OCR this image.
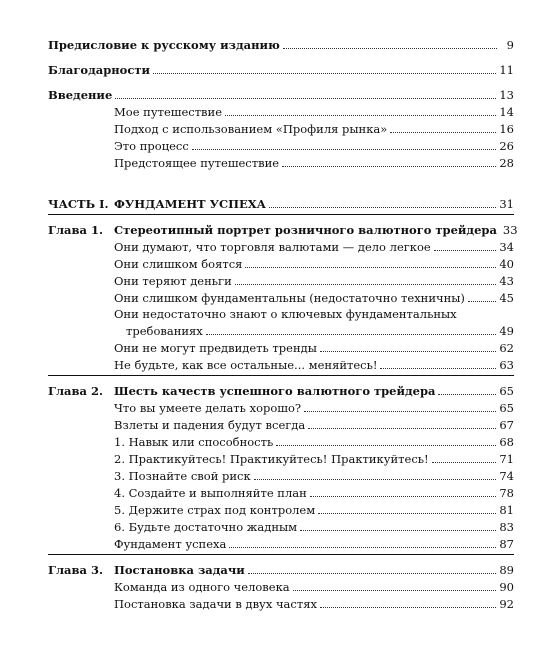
Предисловие к русскому изданию	9
Благодарности	11
Введение	13
Мое путешествие	14
Подход с использованием «Профиля рынка»	16
Это процесс	26
Предстоящее путешествие	28
ЧАСТЬ I. ФУНДАМЕНТ УСПЕХА	31
Глава 1. Стереотипный портрет розничного валютного трейдера 33
Они думают, что торговля валютами — дело легкое	34
Они слишком боятся	40
Они теряют деньги	43
Они слишком фундаментальны (недостаточно техничны)	45
Они недостаточно знают о ключевых фундаментальных
требованиях	49
Они не могут предвидеть тренды	62
Не будьте, как все остальные... меняйтесь!	63
Глава 2. Шесть качеств успешного валютного трейдера	65
Что вы умеете делать хорошо?	65
Взлеты и падения будут всегда	67
1. Навык или способность	68
2. Практикуйтесь! Практикуйтесь! Практикуйтесь!	71
3. Познайте свой риск	74
4. Создайте и выполняйте план	78
5. Держите страх под контролем	81
6. Будьте достаточно жадным	83
Фундамент успеха	87
Глава 3. Постановка задачи	89
Команда из одного человека	90
Постановка задачи в двух частях	92
